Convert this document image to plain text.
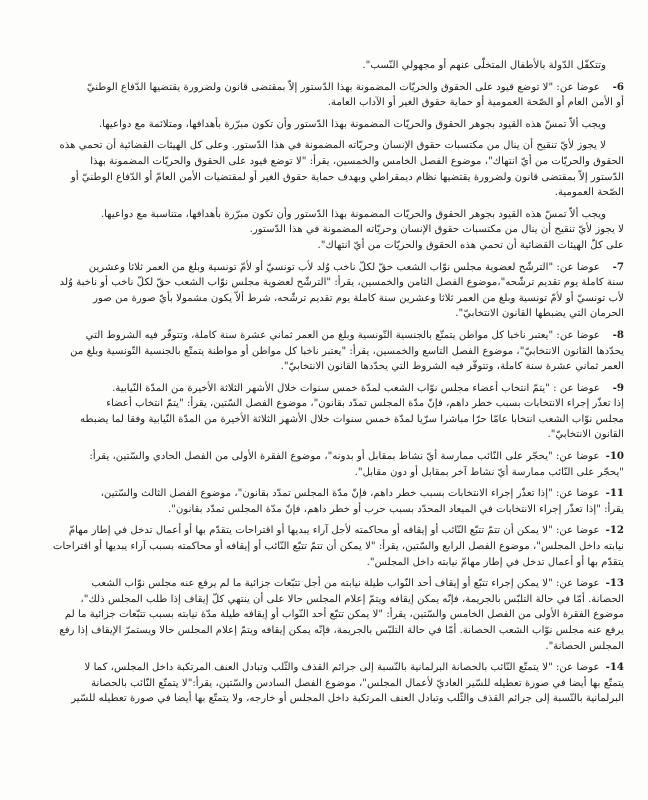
وتتكفّل الدّولة بالأطفال المتخلّى عنهم أو مجهولي النّسب".

6-عوضا عن: "لا توضع قيود على الحقوق والحريّات المضمونة بهذا الدّستور إلاّ بمقتضى قانون ولضرورة يقتضيها الدّفاع الوطنيّ

أو الأمن العام أو الصّحة العمومية أو حماية حقوق الغير أو الآداب العامة.

ويجب ألاّ تمسّ هذه القيود بجوهر الحقوق والحريّات المضمونة بهذا الدّستور وأن تكون مبرّرة بأهدافها، ومتلائمة مع دواعيها.

لا يجوز لأيّ تنقيح أن ينال من مكتسبات حقوق الإنسان وحريّاته المضمونة في هذا الدّستور. وعلى كل الهيئات القضائية أن تحمي هذه

الحقوق والحريّات من أيّ انتهاك"، موضوع الفصل الخامس والخمسين، يقرأ: "لا توضع قيود على الحقوق والحريّات المضمونة بهذا

الدّستور إلاّ بمقتضى قانون ولضرورة يقتضيها نظام ديمقراطي وبهدف حماية حقوق الغير أو لمقتضيات الأمن العامّ أو الدّفاع الوطنيّ أو

الصّحة العمومية.

ويجب ألاّ تمسّ هذه القيود بجوهر الحقوق والحريّات المضمونة بهذا الدّستور وأن تكون مبرّرة بأهدافها، متناسبة مع دواعيها.

لا يجوز لأيّ تنقيح أن ينال من مكتسبات حقوق الإنسان وحريّاته المضمونة في هذا الدّستور.

على كلّ الهيئات القضائية أن تحمي هذه الحقوق والحريّات من أيّ انتهاك".

7-عوضا عن: "الترشّح لعضوية مجلس نوّاب الشعب حقّ لكلّ ناخب وُلد لأب تونسيّ أو لأمّ تونسية وبلغ من العمر ثلاثا وعشرين

سنة كاملة يوم تقديم ترشّحه"،موضوع الفصل الثامن والخمسين، يقرأ: "الترشّح لعضوية مجلس نوّاب الشعب حقّ لكلّ ناخب أو ناخبة وُلد

لأب تونسيّ أو لأمّ تونسية وبلغ من العمر ثلاثا وعشرين سنة كاملة يوم تقديم ترشّحه، شرط ألاّ يكون مشمولا بأيّ صورة من صور

الحرمان التي يضبطها القانون الانتخابيّ".

8-عوضا عن: "يعتبر ناخبا كل مواطن يتمتّع بالجنسية التّونسية وبلغ من العمر ثماني عشرة سنة كاملة، وتتوفّر فيه الشروط التي

يحدّدها القانون الانتخابيّ"، موضوع الفصل التاسع والخمسين، يقرأ: "يعتبر ناخبا كل مواطن أو مواطنة يتمتّع بالجنسية التّونسية وبلغ من

العمر ثماني عشرة سنة كاملة، وتتوفّر فيه الشروط التي يحدّدها القانون الانتخابيّ".

9-عوضا عن : "يتمّ انتخاب أعضاء مجلس نوّاب الشعب لمدّة خمس سنوات خلال الأشهر الثلاثة الأخيرة من المدّة النّيابية.

إذا تعذّر إجراء الانتخابات بسبب خطر داهم، فإنّ مدّة المجلس تمدّد بقانون"، موضوع الفصل السّتين، يقرأ: "يتمّ انتخاب أعضاء

مجلس نوّاب الشعب انتخابا عامّا حرّا مباشرا سرّيا لمدّة خمس سنوات خلال الأشهر الثلاثة الأخيرة من المدّة النّيابية وفقا لما يضبطه

القانون الانتخابيّ".

10-عوضا عن: "يحجّر على النّائب ممارسة أيّ نشاط بمقابل أو بدونه"، موضوع الفقرة الأولى من الفصل الحادي والسّتين، يقرأ:

"يحجّر على النّائب ممارسة أيّ نشاط آخر بمقابل أو دون مقابل".

11-عوضا عن: "إذا تعذّر إجراء الانتخابات بسبب خطر داهم، فإنّ مدّة المجلس تمدّد بقانون"، موضوع الفصل الثالث والسّتين،

يقرأ: "إذا تعذّر إجراء الانتخابات في الميعاد المحدّد بسبب حرب أو خطر داهم، فإنّ مدّة المجلس تمدّد بقانون".

12-عوضا عن: "لا يمكن أن تتمّ تتبّع النّائب أو إيقافه أو محاكمته لأجل آراء يبديها أو اقتراحات يتقدّم بها أو أعمال تدخل في إطار مهامّ

نيابته داخل المجلس"، موضوع الفصل الرابع والسّتين، يقرأ: "لا يمكن أن تتمّ تتبّع النّائب أو إيقافه أو محاكمته بسبب آراء يبديها أو اقتراحات

يتقدّم بها أو أعمال تدخل في إطار مهامّ نيابته داخل المجلس".

13-عوضا عن: "لا يمكن إجراء تتبّع أو إيقاف أحد النّواب طيلة نيابته من أجل تتبّعات جزائية ما لم يرفع عنه مجلس نوّاب الشعب

الحصانة. أمّا في حالة التلبّس بالجريمة، فإنّه يمكن إيقافه ويتمّ إعلام المجلس حالا على أن ينتهي كلّ إيقاف إذا طلب المجلس ذلك"،

موضوع الفقرة الأولى من الفصل الخامس والسّتين، يقرأ: "لا يمكن تتبّع أحد النّواب أو إيقافه طيلة مدّة نيابته بسبب تتبّعات جزائية ما لم

يرفع عنه مجلس نوّاب الشعب الحصانة. أمّا في حالة التلبّس بالجريمة، فإنّه يمكن إيقافه ويتمّ إعلام المجلس حالا ويستمرّ الإيقاف إذا رفع

المجلس الحصانة".

14-عوضا عن: "لا يتمتّع النّائب بالحصانة البرلمانية بالنّسبة إلى جرائم القذف والثّلب وتبادل العنف المرتكبة داخل المجلس، كما لا

يتمتّع بها أيضا في صورة تعطيله للسّير العاديّ لأعمال المجلس"، موضوع الفصل السادس والسّتين، يقرأ:"لا يتمتّع النّائب بالحصانة

البرلمانية بالنّسبة إلى جرائم القذف والثّلب وتبادل العنف المرتكبة داخل المجلس أو خارجه، ولا يتمتّع بها أيضا في صورة تعطيله للسّير
